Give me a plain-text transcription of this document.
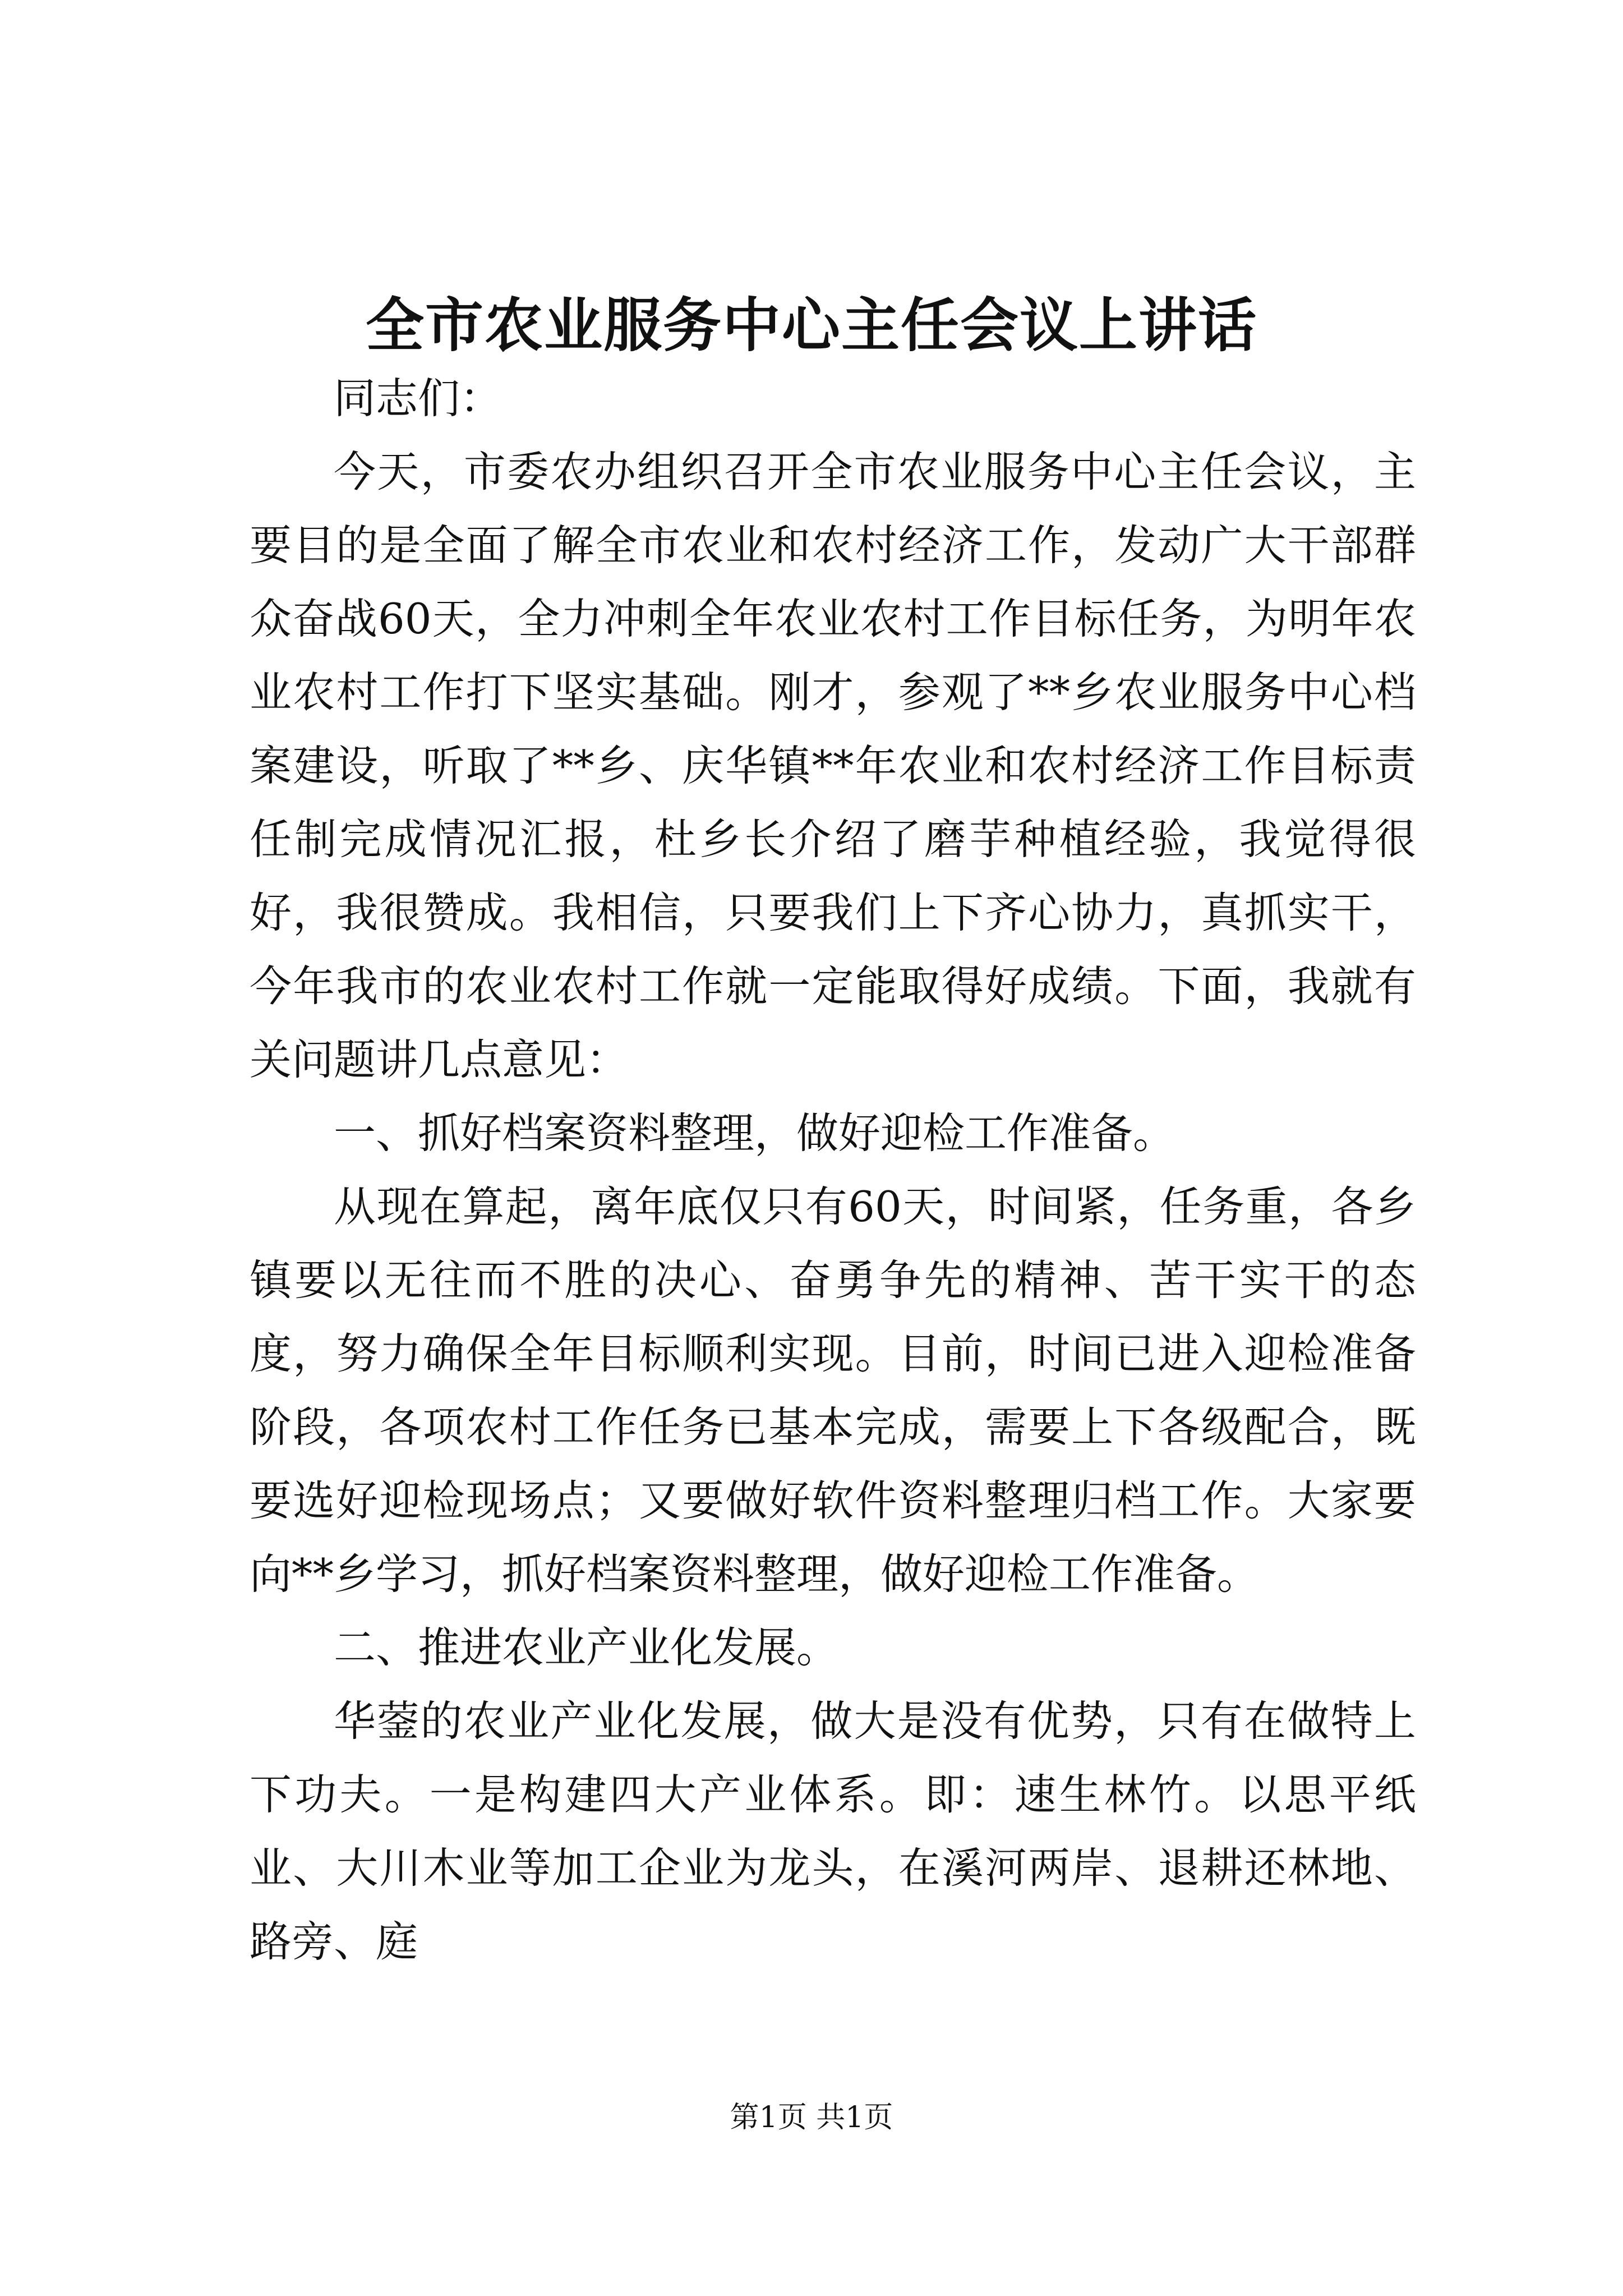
全市农业服务中心主任会议上讲话

同志们：

今天，市委农办组织召开全市农业服务中心主任会议，主要目的是全面了解全市农业和农村经济工作，发动广大干部群众奋战60天，全力冲刺全年农业农村工作目标任务，为明年农业农村工作打下坚实基础。刚才，参观了**乡农业服务中心档案建设，听取了**乡、庆华镇**年农业和农村经济工作目标责任制完成情况汇报，杜乡长介绍了磨芋种植经验，我觉得很好，我很赞成。我相信，只要我们上下齐心协力，真抓实干，今年我市的农业农村工作就一定能取得好成绩。下面，我就有关问题讲几点意见：

一、抓好档案资料整理，做好迎检工作准备。

从现在算起，离年底仅只有60天，时间紧，任务重，各乡镇要以无往而不胜的决心、奋勇争先的精神、苦干实干的态度，努力确保全年目标顺利实现。目前，时间已进入迎检准备阶段，各项农村工作任务已基本完成，需要上下各级配合，既要选好迎检现场点；又要做好软件资料整理归档工作。大家要向**乡学习，抓好档案资料整理，做好迎检工作准备。

二、推进农业产业化发展。

华蓥的农业产业化发展，做大是没有优势，只有在做特上下功夫。一是构建四大产业体系。即：速生林竹。以思平纸业、大川木业等加工企业为龙头，在溪河两岸、退耕还林地、路旁、庭

第1页 共1页
